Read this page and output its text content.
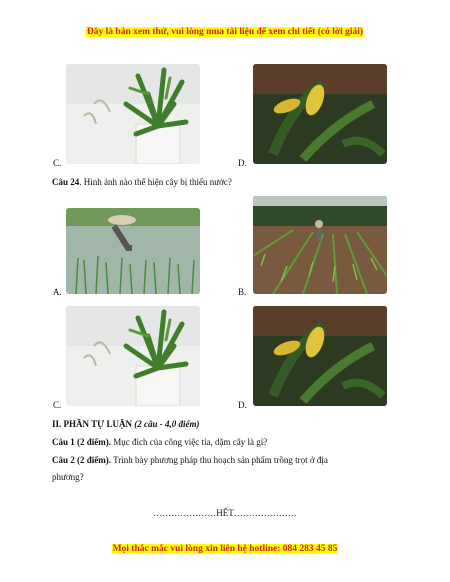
Đây là bản xem thử, vui lòng mua tài liệu để xem chi tiết (có lời giải)
C.	D.
Câu 24. Hình ảnh nào thể hiện cây bị thiếu nước?
A.	B.
C.	D.
II. PHẦN TỰ LUẬN (2 câu - 4,0 điểm)
Câu 1 (2 điểm). Mục đích của công việc tỉa, dặm cây là gì?
Câu 2 (2 điểm). Trình bày phương pháp thu hoạch sản phẩm trồng trọt ở địa
phương?
…………………HẾT…………………
Mọi thắc mắc vui lòng xin liên hệ hotline: 084 283 45 85
